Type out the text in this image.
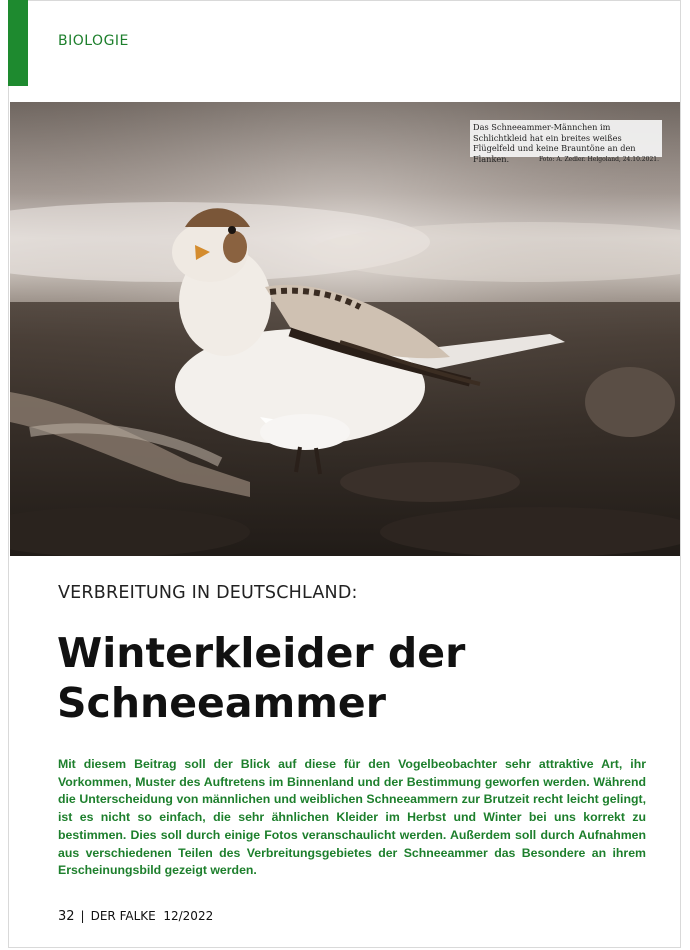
BIOLOGIE
Das Schneeammer-Männchen im Schlichtkleid hat ein breites weißes Flügelfeld und keine Brauntöne an den Flanken.	Foto: A. Zedler. Helgoland, 24.10.2021.
VERBREITUNG IN DEUTSCHLAND:
Winterkleider der
Schneeammer

Mit diesem Beitrag soll der Blick auf diese für den Vogelbeobachter sehr attraktive Art, ihr Vorkommen, Muster des Auftretens im Binnenland und der Bestimmung geworfen werden. Während die Unterscheidung von männlichen und weiblichen Schneeammern zur Brutzeit recht leicht gelingt, ist es nicht so einfach, die sehr ähnlichen Kleider im Herbst und Winter bei uns korrekt zu bestimmen. Dies soll durch einige Fotos veranschaulicht werden. Außerdem soll durch Aufnahmen aus verschiedenen Teilen des Verbreitungsgebietes der Schneeammer das Besondere an ihrem Erscheinungsbild gezeigt werden.

32 | DER FALKE 12/2022
